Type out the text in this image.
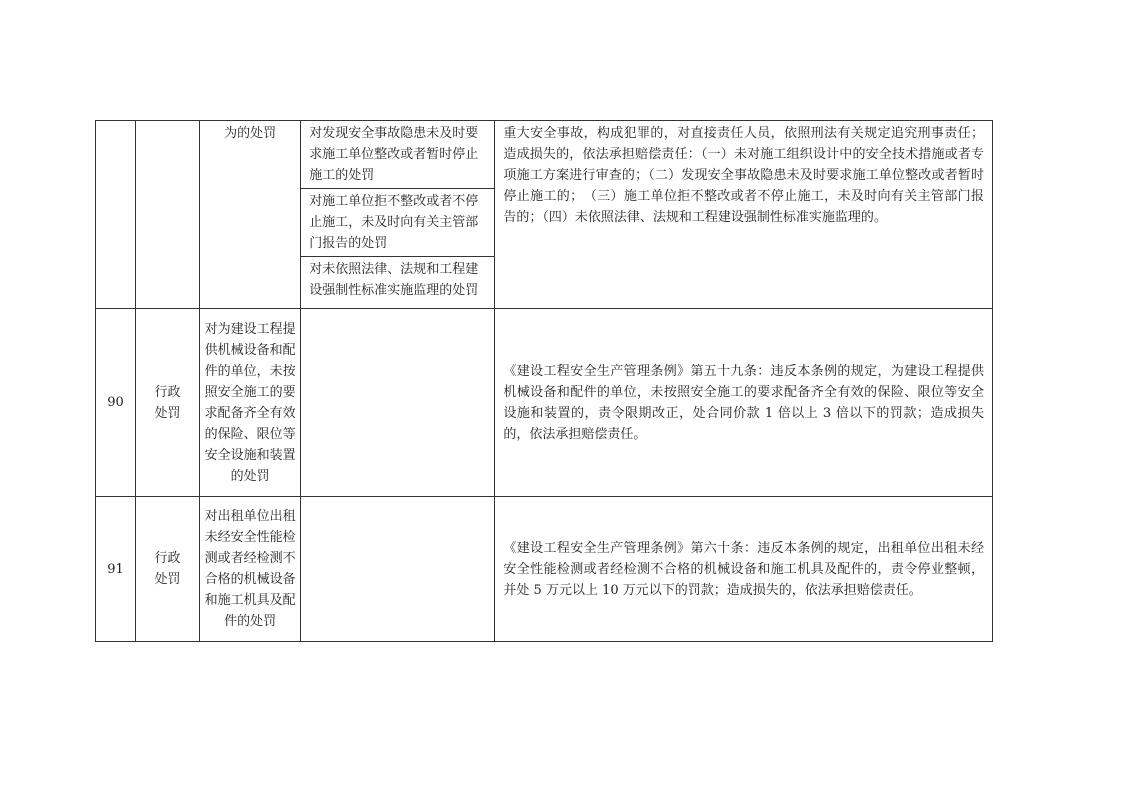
		为的处罚	对发现安全事故隐患未及时要求施工单位整改或者暂时停止施工的处罚	重大安全事故，构成犯罪的，对直接责任人员，依照刑法有关规定追究刑事责任；造成损失的，依法承担赔偿责任：（一）未对施工组织设计中的安全技术措施或者专项施工方案进行审查的；（二）发现安全事故隐患未及时要求施工单位整改或者暂时停止施工的；　（三）施工单位拒不整改或者不停止施工，未及时向有关主管部门报告的；（四）未依照法律、法规和工程建设强制性标准实施监理的。
			对施工单位拒不整改或者不停止施工，未及时向有关主管部门报告的处罚	
			对未依照法律、法规和工程建设强制性标准实施监理的处罚	
90	行政处罚	对为建设工程提供机械设备和配件的单位，未按照安全施工的要求配备齐全有效的保险、限位等安全设施和装置的处罚		《建设工程安全生产管理条例》第五十九条：违反本条例的规定，为建设工程提供机械设备和配件的单位，未按照安全施工的要求配备齐全有效的保险、限位等安全设施和装置的，责令限期改正，处合同价款 1 倍以上 3 倍以下的罚款；造成损失的，依法承担赔偿责任。
91	行政处罚	对出租单位出租未经安全性能检测或者经检测不合格的机械设备和施工机具及配件的处罚		《建设工程安全生产管理条例》第六十条：违反本条例的规定，出租单位出租未经安全性能检测或者经检测不合格的机械设备和施工机具及配件的，责令停业整顿，并处 5 万元以上 10 万元以下的罚款；造成损失的，依法承担赔偿责任。
